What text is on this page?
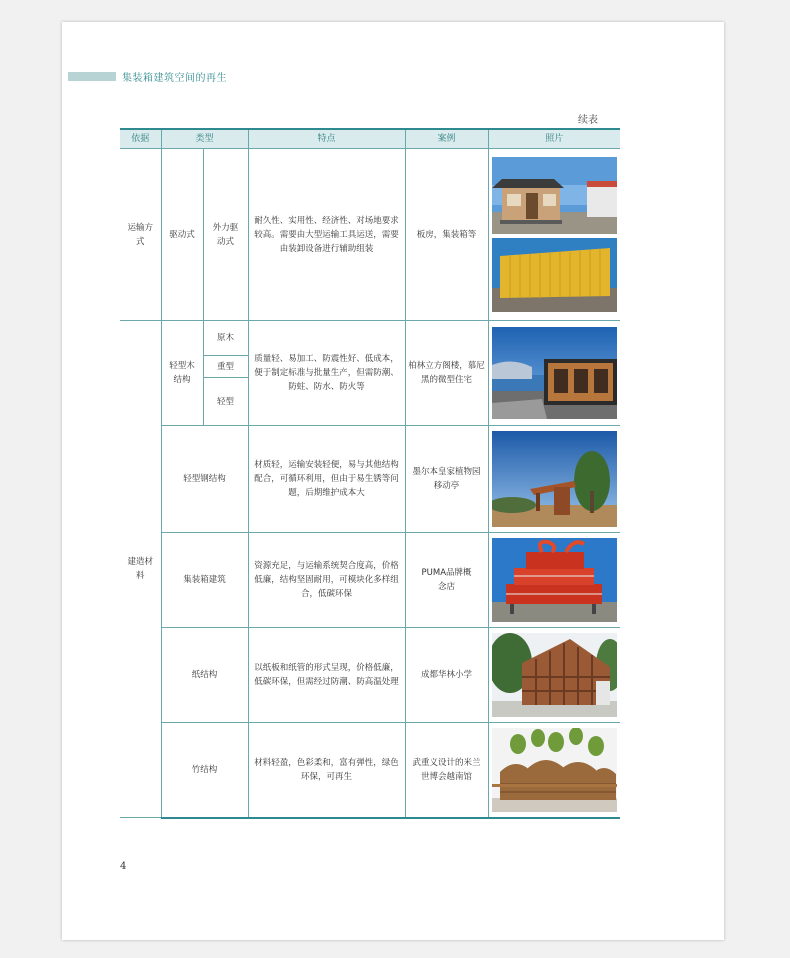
集装箱建筑空间的再生
续表
依据	类型		特点	案例	照片
运输方式	驱动式	外力驱动式	耐久性、实用性、经济性、对场地要求较高。需要由大型运输工具运送，需要由装卸设备进行辅助组装	板房，集装箱等	

建造材料	轻型木结构	原木	质量轻、易加工、防震性好、低成本，便于制定标准与批量生产，但需防潮、防蛀、防水、防火等	柏林立方阁楼，慕尼黑的微型住宅	

		重型			
		轻型			
	轻型钢结构		材质轻，运输安装轻便，易与其他结构配合，可循环利用，但由于易生锈等问题，后期维护成本大	墨尔本皇家植物园移动亭	

	集装箱建筑		资源充足，与运输系统契合度高，价格低廉，结构坚固耐用，可模块化多样组合，低碳环保	PUMA品牌概念店	

	纸结构		以纸板和纸管的形式呈现，价格低廉，低碳环保，但需经过防潮、防高温处理	成都华林小学	

	竹结构		材料轻盈，色彩柔和，富有弹性，绿色环保，可再生	武重义设计的米兰世博会越南馆	
4
